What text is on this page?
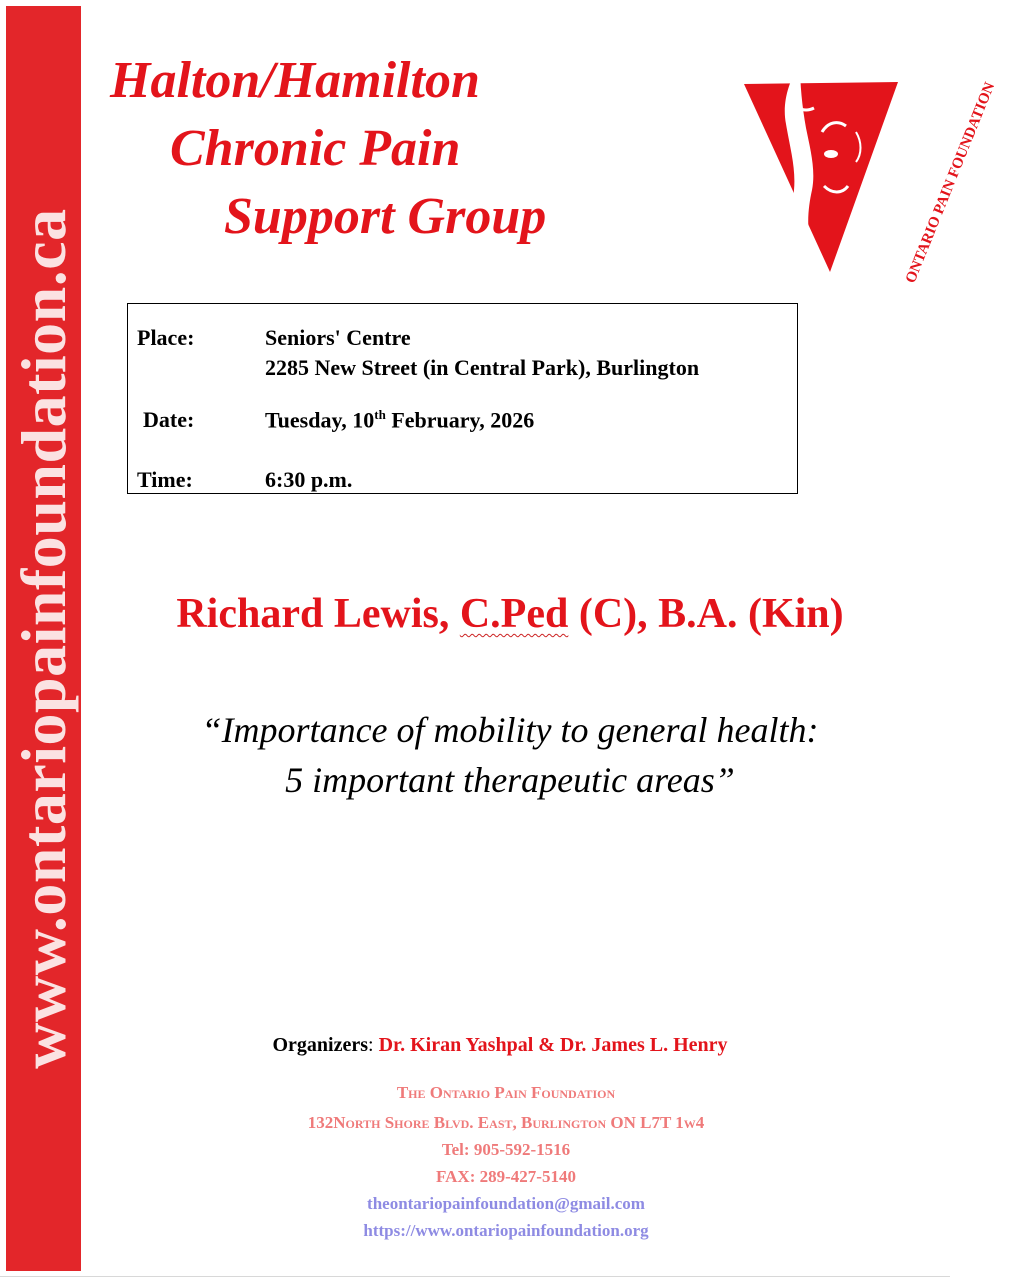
www.ontariopainfoundation.ca
Halton/Hamilton
Chronic Pain
Support Group	ONTARIO PAIN FOUNDATION
Place:	Seniors' Centre
2285 New Street (in Central Park), Burlington
Date:	Tuesday, 10th February, 2026
Time:	6:30 p.m.
Richard Lewis, C.Ped (C), B.A. (Kin)
“Importance of mobility to general health:
5 important therapeutic areas”
Organizers: Dr. Kiran Yashpal & Dr. James L. Henry
The Ontario Pain Foundation
132North Shore Blvd. East, Burlington ON L7T 1w4
Tel: 905-592-1516
FAX: 289-427-5140
theontariopainfoundation@gmail.com
https://www.ontariopainfoundation.org
